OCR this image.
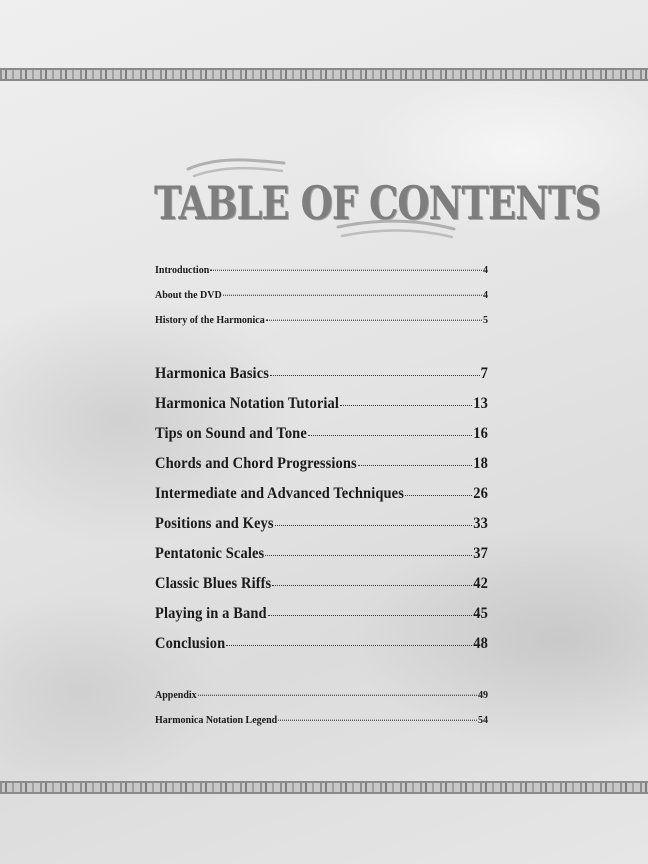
TABLE OF CONTENTS
Introduction	4
About the DVD	4
History of the Harmonica	5
Harmonica Basics	7
Harmonica Notation Tutorial	13
Tips on Sound and Tone	16
Chords and Chord Progressions	18
Intermediate and Advanced Techniques	26
Positions and Keys	33
Pentatonic Scales	37
Classic Blues Riffs	42
Playing in a Band	45
Conclusion	48
Appendix	49
Harmonica Notation Legend	54
